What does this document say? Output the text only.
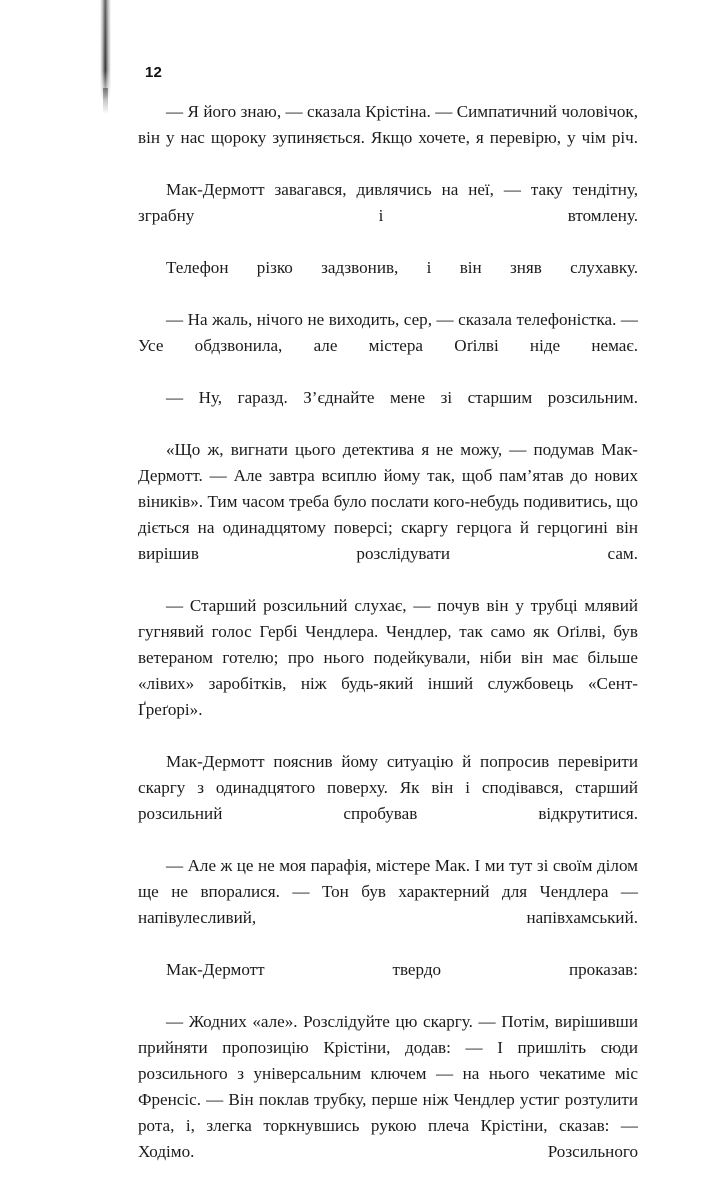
12

— Я його знаю, — сказала Крістіна. — Симпатичний чоловічок, він у нас щороку зупиняється. Якщо хочете, я перевірю, у чім річ.

Мак-Дермотт завагався, дивлячись на неї, — таку тендітну, зграбну і втомлену.

Телефон різко задзвонив, і він зняв слухавку.

— На жаль, нічого не виходить, сер, — сказала телефоністка. — Усе обдзвонила, але містера Оґілві ніде немає.

— Ну, гаразд. З’єднайте мене зі старшим розсильним.

«Що ж, вигнати цього детектива я не можу, — подумав Мак-Дермотт. — Але завтра всиплю йому так, щоб пам’ятав до нових віників». Тим часом треба було послати кого-небудь подивитись, що діється на одинадцятому поверсі; скаргу герцога й герцогині він вирішив розслідувати сам.

— Старший розсильний слухає, — почув він у трубці млявий гугнявий голос Гербі Чендлера. Чендлер, так само як Оґілві, був ветераном готелю; про нього подейкували, ніби він має більше «лівих» заробітків, ніж будь-який інший службовець «Сент-Ґреґорі».

Мак-Дермотт пояснив йому ситуацію й попросив перевірити скаргу з одинадцятого поверху. Як він і сподівався, старший розсильний спробував відкрутитися.

— Але ж це не моя парафія, містере Мак. І ми тут зі своїм ділом ще не впоралися. — Тон був характерний для Чендлера — напівулесливий, напівхамський.

Мак-Дермотт твердо проказав:

— Жодних «але». Розслідуйте цю скаргу. — Потім, вирішивши прийняти пропозицію Крістіни, додав: — І пришліть сюди розсильного з універсальним ключем — на нього чекатиме міс Френсіс. — Він поклав трубку, перше ніж Чендлер устиг розтулити рота, і, злегка торкнувшись рукою плеча Крістіни, сказав: — Ходімо. Розсильного
